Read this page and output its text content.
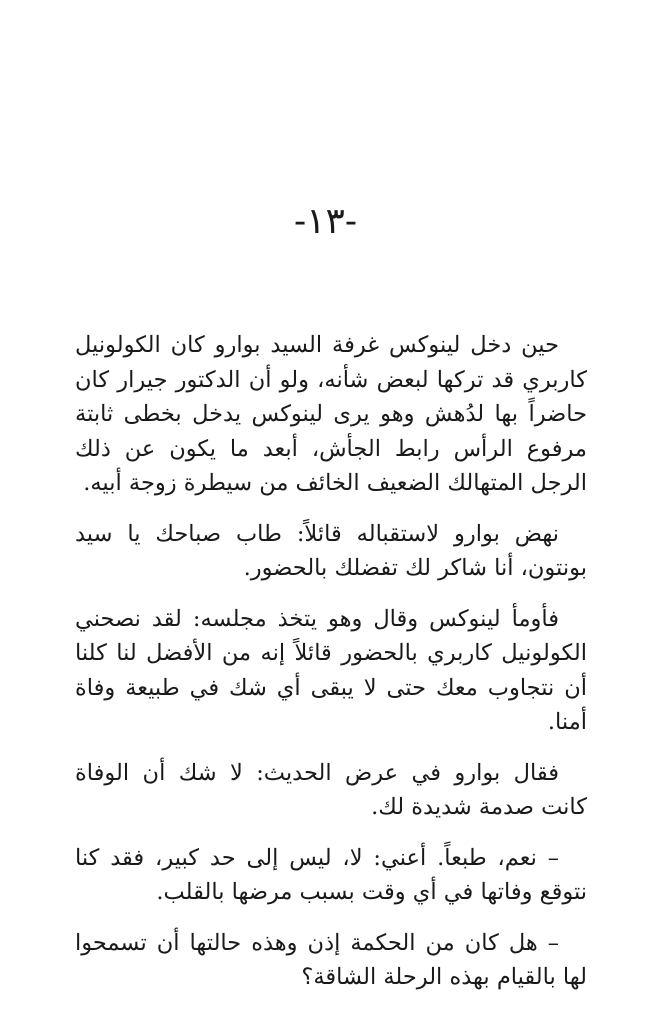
-١٣-

حين دخل لينوكس غرفة السيد بوارو كان الكولونيل كاربري قد تركها لبعض شأنه، ولو أن الدكتور جيرار كان حاضراً بها لدُهش وهو يرى لينوكس يدخل بخطى ثابتة مرفوع الرأس رابط الجأش، أبعد ما يكون عن ذلك الرجل المتهالك الضعيف الخائف من سيطرة زوجة أبيه.

نهض بوارو لاستقباله قائلاً: طاب صباحك يا سيد بونتون، أنا شاكر لك تفضلك بالحضور.

فأومأ لينوكس وقال وهو يتخذ مجلسه: لقد نصحني الكولونيل كاربري بالحضور قائلاً إنه من الأفضل لنا كلنا أن نتجاوب معك حتى لا يبقى أي شك في طبيعة وفاة أمنا.

فقال بوارو في عرض الحديث: لا شك أن الوفاة كانت صدمة شديدة لك.

– نعم، طبعاً. أعني: لا، ليس إلى حد كبير، فقد كنا نتوقع وفاتها في أي وقت بسبب مرضها بالقلب.

– هل كان من الحكمة إذن وهذه حالتها أن تسمحوا لها بالقيام بهذه الرحلة الشاقة؟
